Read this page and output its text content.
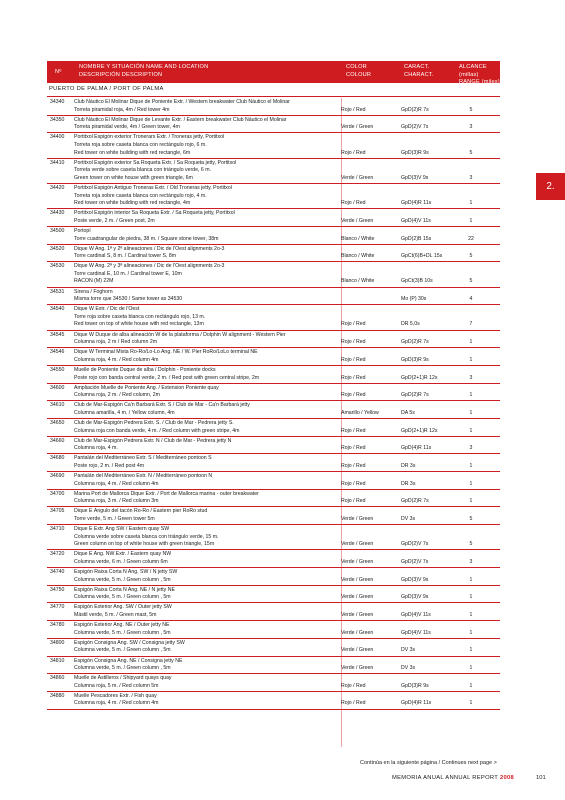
Nº
NOMBRE Y SITUACIÓN NAME AND LOCATION
DESCRIPCIÓN DESCRIPTION
COLOR
COLOUR
CARACT.
CHARACT.
ALCANCE (millas)
RANGE (miles)
PUERTO DE PALMA / PORT OF PALMA
34340	Club Náutico El Molinar Dique de Poniente Extr. / Western breakwater Club Náutico el Molinar
Torreta piramidal roja, 4m / Red tower 4m	Rojo / Red	GpD(2)R 7s	5
34350	Club Náutico El Molinar Dique de Levante Extr. / Eastern breakwater Club Náutico el Molinar
Torreta piramidal verde, 4m / Green tower, 4m	Verde / Green	GpD(2)V 7s	3
34400	Portitxol Espigón exterior Tronerars Extr. / Troneras jetty, Portitxol
Torreta roja sobre caseta blanca con rectángulo rojo, 6 m.
Red tower on white building with red rectangle, 6m	Rojo / Red	GpD(3)R 9s	5
34410	Portitxol Espigón exterior Sa Roqueta Extr. / Sa Roqueta jetty, Portitxol
Torreta verde sobre caseta blanca con triángulo verde, 6 m.
Green tower on white house with green triangle, 6m	Verde / Green	GpD(3)V 9s	3
34420	Portitxol Espigón Antiguo Troneras Extr. / Old Troneras jetty, Portitxol
Torreta roja sobre caseta blanca con rectángulo rojo, 4 m.
Red tower on white building with red rectangle, 4m	Rojo / Red	GpD(4)R 11s	1
34430	Portitxol Espigón interior Sa Roqueta Extr. / Sa Roqueta jetty, Portitxol
Poste verde, 2 m. / Green post, 2m	Verde / Green	GpD(4)V 11s	1
34500	Portopí
Torre cuadrangular de piedra, 38 m. / Square stone tower, 38m	Blanco / White	GpD(2)B 15s	22
34520	Dique W Ang. 1ª y 2ª alineaciones / Dic de l'Oest alignments 2o-3
Torre cardinal S, 8 m. / Cardinal tower S, 8m	Blanco / White	GpCt(6)B+DL 15s	5
34530	Dique W Ang. 2ª y 3ª alineaciones / Dic de l'Oest alignments 2o-3
Torre cardinal E, 10 m. / Cardinal tower E, 10m
RACON (M) 22M	Blanco / White	GpCt(3)B 10s	5
34531	Sirena / Foghorn
Misma torre que 34530 / Same tower as 34530	Mo (P) 30s	4
34540	Dique W Extr. / Dic de l'Oest
Torre roja sobre caseta blanca con rectángulo rojo, 13 m.
Red tower on top of white house with red rectangle, 13m	Rojo / Red	DR 5,0s	7
34545	Dique W Duque de alba alineación W de la plataforma / Dolphin W alignment - Western Pier
Columna roja, 2 m / Red column 2m	Rojo / Red	GpD(2)R 7s	1
34546	Dique W Terminal Mixta Ro-Ro/Lo-Lo Ang. NE / W. Pier RoRo/LoLo terminal NE
Columna roja, 4 m. / Red column 4m	Rojo / Red	GpD(3)R 9s	1
34550	Muelle de Poniente Duque de alba / Dolphin - Poniente docks
Poste rojo con banda central verde, 2 m. / Red post with green central stripe, 2m	Rojo / Red	GpD(2+1)R 12s	3
34600	Ampliación Muelle de Poniente Ang. / Extension Poniente quay
Columna roja, 2 m. / Red column, 2m	Rojo / Red	GpD(2)R 7s	1
34610	Club de Mar-Espigón Ca'n Barbará Extr. S / Club de Mar - Ca'n Barbará jetty
Columna amarilla, 4 m. / Yellow column, 4m	Amarillo / Yellow	DA 5s	1
34650	Club de Mar-Espigón Pedrera Extr. S. / Club de Mar - Pedrera jetty S.
Columna roja con banda verde, 4 m. / Red column with green stripe, 4m	Rojo / Red	GpD(2+1)R 12s	1
34660	Club de Mar-Espigón Pedrera Extr. N / Club de Mar - Pedrera jetty N
Columna roja, 4 m.	Rojo / Red	GpD(4)R 11s	3
34680	Pantalán del Mediterráneo Extr. S / Mediterráneo pontoon S
Poste rojo, 2 m. / Red post 4m	Rojo / Red	DR 3s	1
34690	Pantalán del Mediterráneo Extr. N / Mediterráneo pontoon N
Columna roja, 4 m. / Red column 4m	Rojo / Red	DR 3s	1
34700	Marina Port de Mallorca Dique Extr. / Port de Mallorca marina - outer breakwater
Columna roja, 3 m. / Red column 3m	Rojo / Red	GpD(2)R 7s	1
34705	Dique E Ángulo del tacón Ro-Ro / Eastern pier RoRo stud
Torre verde, 5 m. / Green tower 5m	Verde / Green	DV 3s	5
34710	Dique E Extr. Ang SW / Eastern quay SW
Columna verde sobre caseta blanca con triángulo verde, 15 m.
Green column on top of white house with green triangle, 15m	Verde / Green	GpD(2)V 7s	5
34720	Dique E Ang. NW Extr. / Eastern quay NW
Columna verde, 6 m. / Green column 6m	Verde / Green	GpD(2)V 7s	3
34740	Espigón Raixa Corta N Ang. SW / N jetty SW
Columna verde, 5 m. / Green column , 5m	Verde / Green	GpD(3)V 9s	1
34750	Espigón Raixa Corta N Ang. NE / N jetty NE
Columna verde, 5 m. / Green column , 5m	Verde / Green	GpD(3)V 9s	1
34770	Espigón Exterior Ang. SW / Outer jetty SW
Mástil verde, 5 m. / Green mast, 5m	Verde / Green	GpD(4)V 11s	1
34780	Espigón Exterior Ang. NE / Outer jetty NE
Columna verde, 5 m. / Green column , 5m	Verde / Green	GpD(4)V 11s	1
34800	Espigón Consigna Ang. SW / Consigna jetty SW
Columna verde, 5 m. / Green column , 5m	Verde / Green	DV 3s	1
34810	Espigón Consigna Ang. NE / Consigna jetty NE
Columna verde, 5 m. / Green column , 5m	Verde / Green	DV 3s	1
34860	Muelle de Astilleros / Shipyard quays quay
Columna roja, 5 m. / Red column 5m	Rojo / Red	GpD(3)R 9s	1
34880	Muelle Pescadores Extr. / Fish quay
Columna roja, 4 m. / Red column 4m	Rojo / Red	GpD(4)R 11s	1
2.
Continúa en la siguiente página / Continues next page >
MEMORIA ANUAL ANNUAL REPORT 2008	101
